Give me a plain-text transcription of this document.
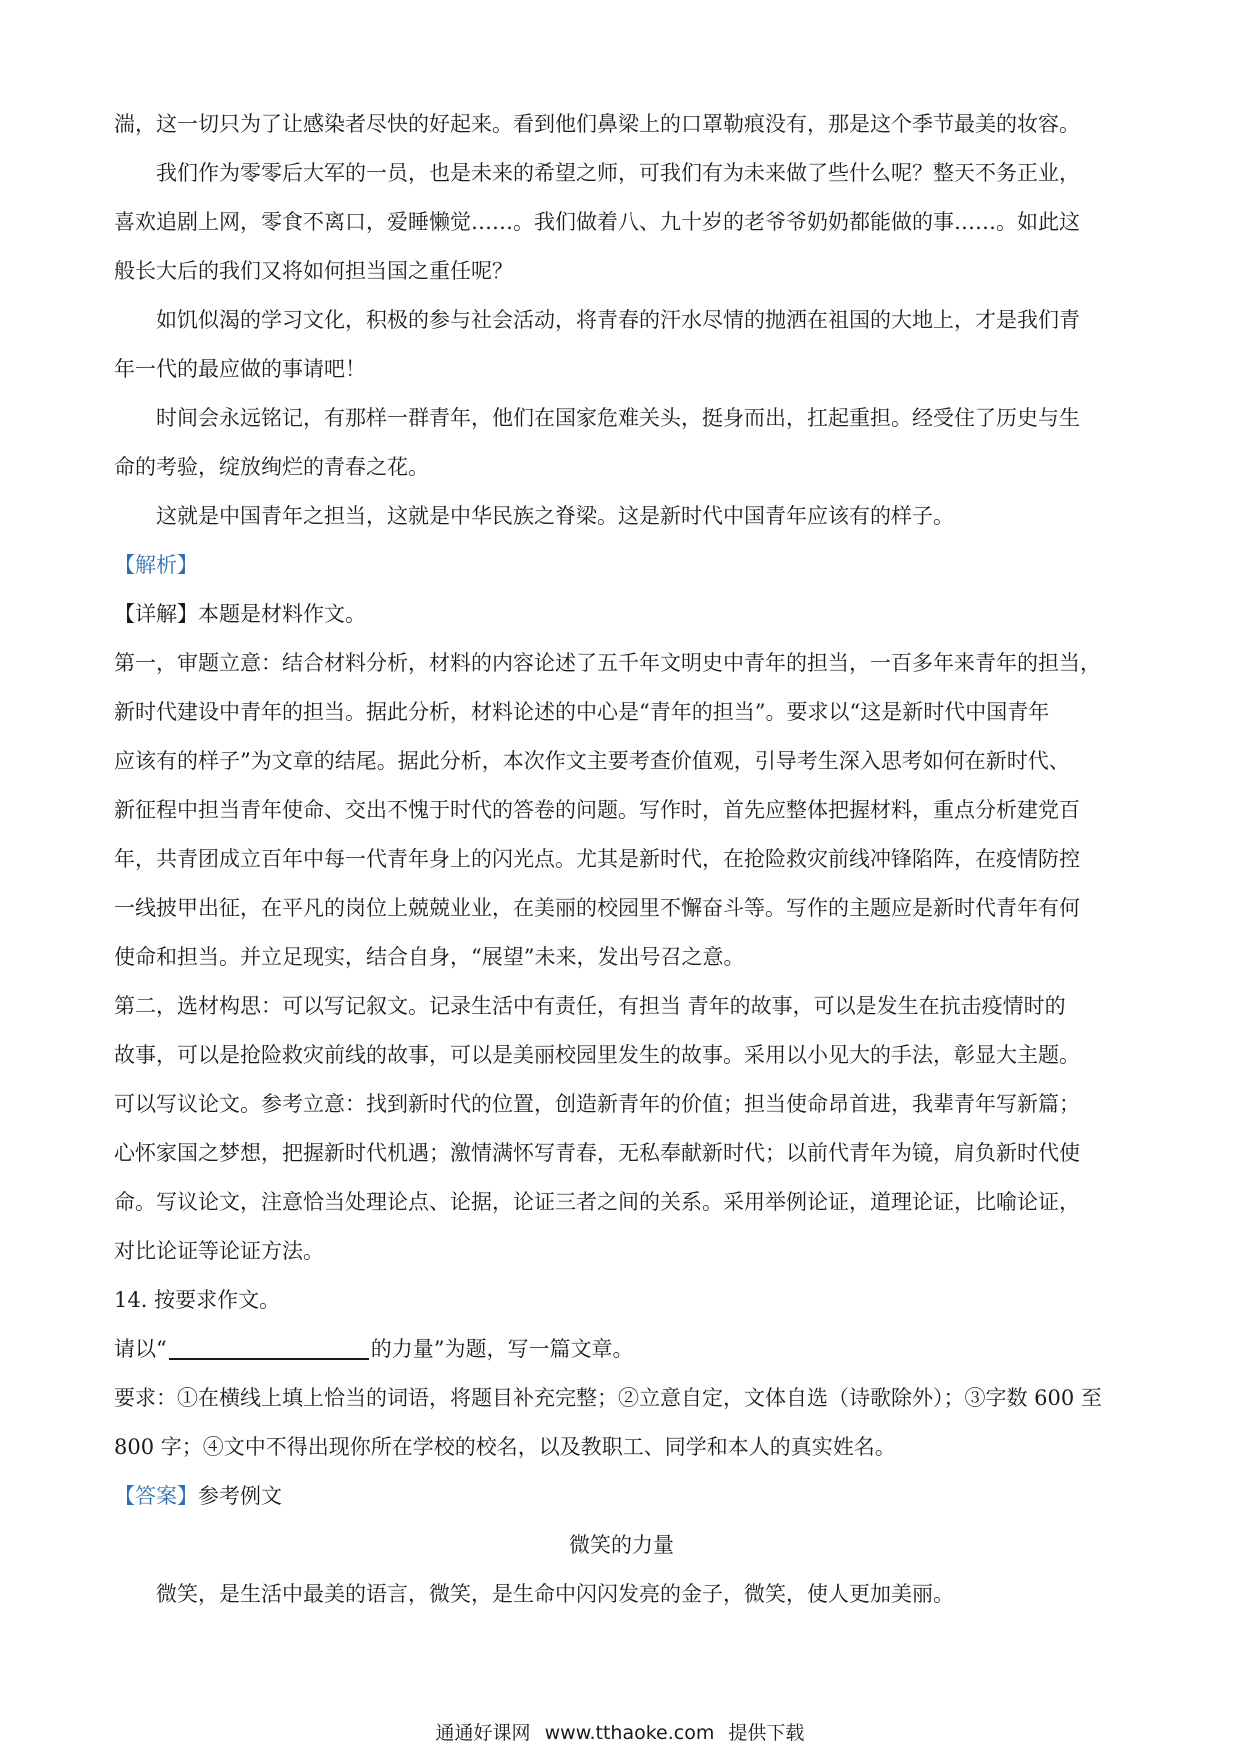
湍，这一切只为了让感染者尽快的好起来。看到他们鼻梁上的口罩勒痕没有，那是这个季节最美的妆容。
我们作为零零后大军的一员，也是未来的希望之师，可我们有为未来做了些什么呢？整天不务正业，
喜欢追剧上网，零食不离口，爱睡懒觉……。我们做着八、九十岁的老爷爷奶奶都能做的事……。如此这
般长大后的我们又将如何担当国之重任呢？
如饥似渴的学习文化，积极的参与社会活动，将青春的汗水尽情的抛洒在祖国的大地上，才是我们青
年一代的最应做的事请吧！
时间会永远铭记，有那样一群青年，他们在国家危难关头，挺身而出，扛起重担。经受住了历史与生
命的考验，绽放绚烂的青春之花。
这就是中国青年之担当，这就是中华民族之脊梁。这是新时代中国青年应该有的样子。
【解析】
【详解】本题是材料作文。
第一，审题立意：结合材料分析，材料的内容论述了五千年文明史中青年的担当，一百多年来青年的担当，
新时代建设中青年的担当。据此分析，材料论述的中心是“青年的担当”。要求以“这是新时代中国青年
应该有的样子”为文章的结尾。据此分析，本次作文主要考查价值观，引导考生深入思考如何在新时代、
新征程中担当青年使命、交出不愧于时代的答卷的问题。写作时，首先应整体把握材料，重点分析建党百
年，共青团成立百年中每一代青年身上的闪光点。尤其是新时代，在抢险救灾前线冲锋陷阵，在疫情防控
一线披甲出征，在平凡的岗位上兢兢业业，在美丽的校园里不懈奋斗等。写作的主题应是新时代青年有何
使命和担当。并立足现实，结合自身，“展望”未来，发出号召之意。
第二，选材构思：可以写记叙文。记录生活中有责任，有担当 青年的故事，可以是发生在抗击疫情时的
故事，可以是抢险救灾前线的故事，可以是美丽校园里发生的故事。采用以小见大的手法，彰显大主题。
可以写议论文。参考立意：找到新时代的位置，创造新青年的价值；担当使命昂首进，我辈青年写新篇；
心怀家国之梦想，把握新时代机遇；激情满怀写青春，无私奉献新时代；以前代青年为镜，肩负新时代使
命。写议论文，注意恰当处理论点、论据，论证三者之间的关系。采用举例论证，道理论证，比喻论证，
对比论证等论证方法。
14. 按要求作文。
请以“	的力量”为题，写一篇文章。
要求：①在横线上填上恰当的词语，将题目补充完整；②立意自定，文体自选（诗歌除外）；③字数 600 至
800 字；④文中不得出现你所在学校的校名，以及教职工、同学和本人的真实姓名。
【答案】参考例文
微笑的力量
微笑，是生活中最美的语言，微笑，是生命中闪闪发亮的金子，微笑，使人更加美丽。
通通好课网 www.tthaoke.com 提供下载
